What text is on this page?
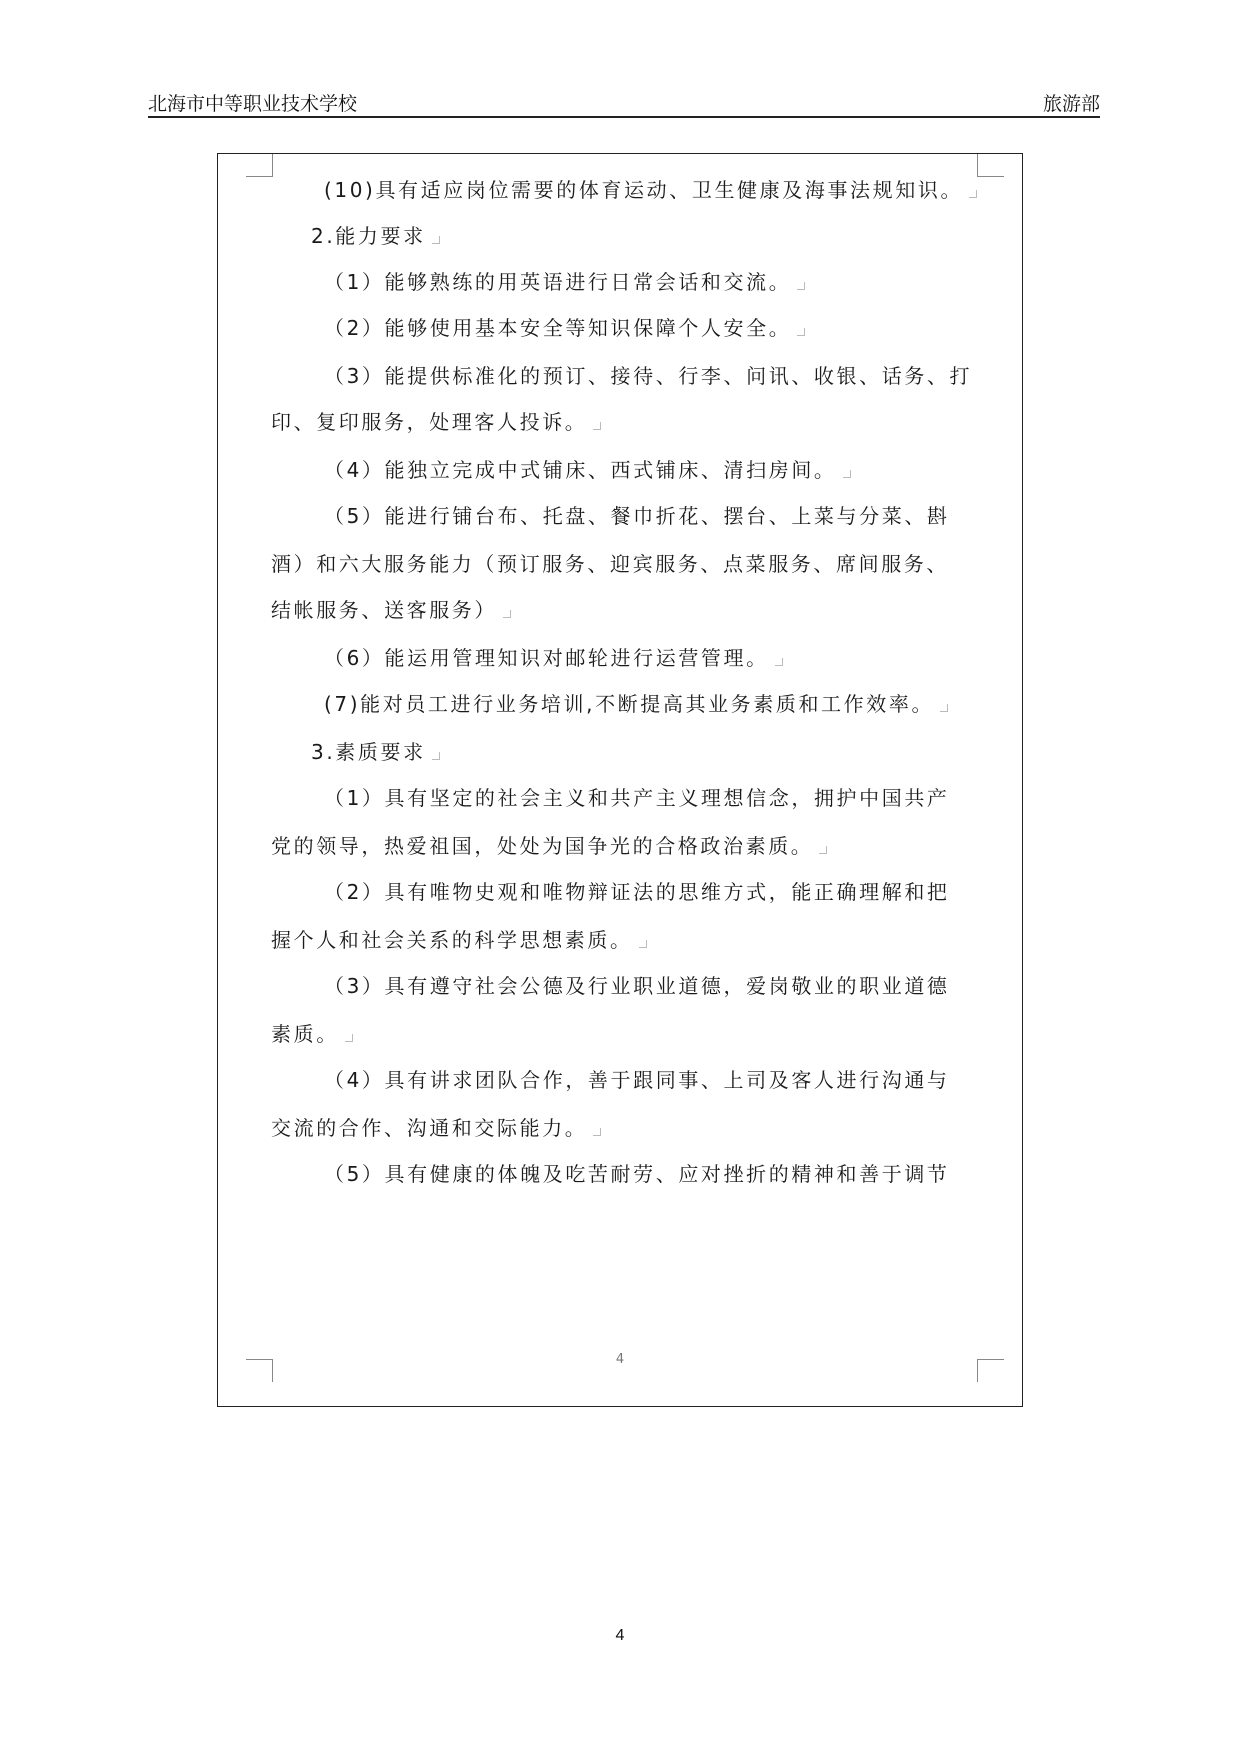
北海市中等职业技术学校	旅游部
(10)具有适应岗位需要的体育运动、卫生健康及海事法规知识。
2.能力要求
（1）能够熟练的用英语进行日常会话和交流。
（2）能够使用基本安全等知识保障个人安全。
（3）能提供标准化的预订、接待、行李、问讯、收银、话务、打
印、复印服务，处理客人投诉。
（4）能独立完成中式铺床、西式铺床、清扫房间。
（5）能进行铺台布、托盘、餐巾折花、摆台、上菜与分菜、斟
酒）和六大服务能力（预订服务、迎宾服务、点菜服务、席间服务、
结帐服务、送客服务）
（6）能运用管理知识对邮轮进行运营管理。
(7)能对员工进行业务培训,不断提高其业务素质和工作效率。
3.素质要求
（1）具有坚定的社会主义和共产主义理想信念，拥护中国共产
党的领导，热爱祖国，处处为国争光的合格政治素质。
（2）具有唯物史观和唯物辩证法的思维方式，能正确理解和把
握个人和社会关系的科学思想素质。
（3）具有遵守社会公德及行业职业道德，爱岗敬业的职业道德
素质。
（4）具有讲求团队合作，善于跟同事、上司及客人进行沟通与
交流的合作、沟通和交际能力。
（5）具有健康的体魄及吃苦耐劳、应对挫折的精神和善于调节
4
4
